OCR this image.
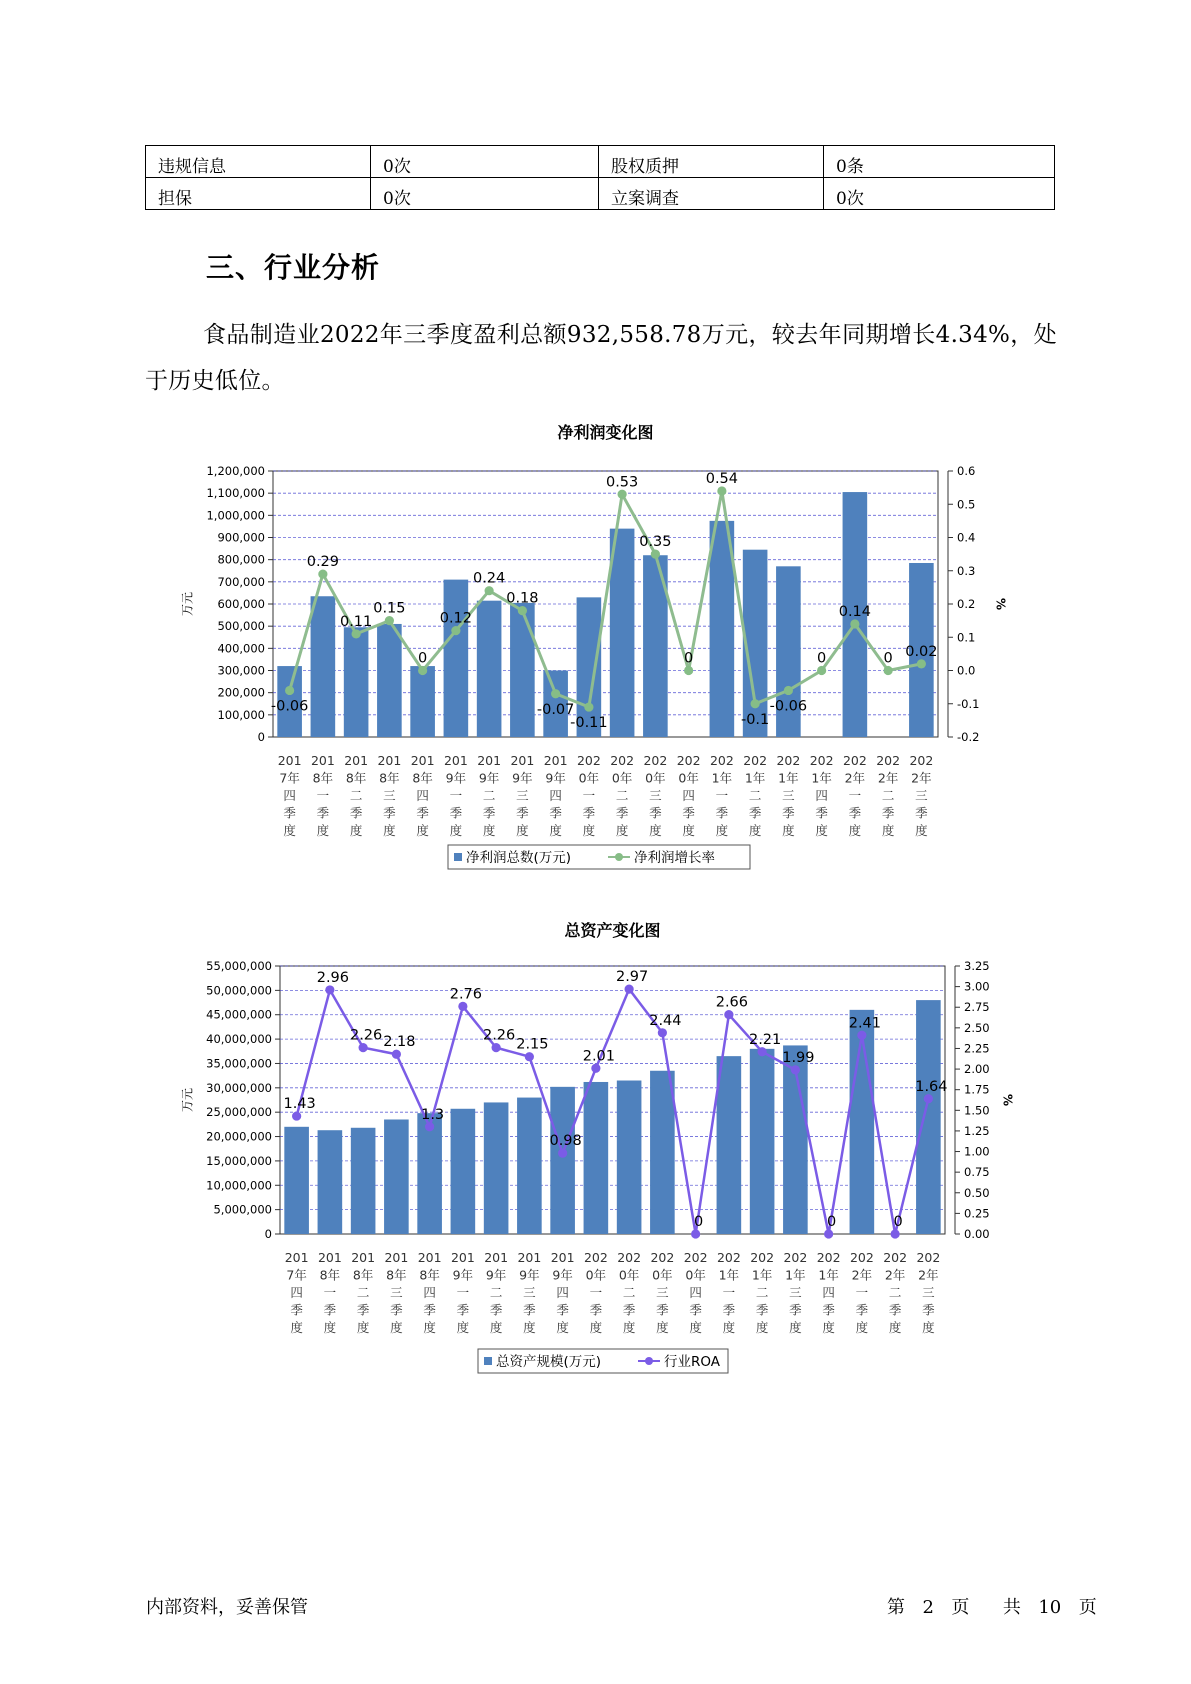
违规信息	0次	股权质押	0条
担保	0次	立案调查	0次
三、行业分析

食品制造业2022年三季度盈利总额932,558.78万元，较去年同期增长4.34%，处于历史低位。

净利润变化图
0
100,000
200,000
300,000
400,000
500,000
600,000
700,000
800,000
900,000
1,000,000
1,100,000
1,200,000
-0.2
-0.1
0.0
0.1
0.2
0.3
0.4
0.5
0.6
万元	%
201
7年
四
季
度
201
8年
一
季
度
201
8年
二
季
度
201
8年
三
季
度
201
8年
四
季
度
201
9年
一
季
度
201
9年
二
季
度
201
9年
三
季
度
201
9年
四
季
度
202
0年
一
季
度
202
0年
二
季
度
202
0年
三
季
度
202
0年
四
季
度
202
1年
一
季
度
202
1年
二
季
度
202
1年
三
季
度
202
1年
四
季
度
202
2年
一
季
度
202
2年
二
季
度
202
2年
三
季
度
-0.06
0.29
0.11
0.15
0
0.12
0.24
0.18
-0.07
-0.11
0.53
0.35
0
0.54
-0.1
-0.06
0
0.14
0 0.02
净利润总数(万元)	净利润增长率
总资产变化图
0
5,000,000
10,000,000
15,000,000
20,000,000
25,000,000
30,000,000
35,000,000
40,000,000
45,000,000
50,000,000
55,000,000
0.00
0.25
0.50
0.75
1.00
1.25
1.50
1.75
2.00
2.25
2.50
2.75
3.00
3.25
万元	%
201
7年
四
季
度
201
8年
一
季
度
201
8年
二
季
度
201
8年
三
季
度
201
8年
四
季
度
201
9年
一
季
度
201
9年
二
季
度
201
9年
三
季
度
201
9年
四
季
度
202
0年
一
季
度
202
0年
二
季
度
202
0年
三
季
度
202
0年
四
季
度
202
1年
一
季
度
202
1年
二
季
度
202
1年
三
季
度
202
1年
四
季
度
202
2年
一
季
度
202
2年
二
季
度
202
2年
三
季
度
1.43
2.96
2.26 2.18
1.3
2.76
2.26
2.15
0.98
2.01
2.97
2.44
0
2.66
2.21
1.99
0
2.41
0
1.64
总资产规模(万元)	行业ROA
内部资料，妥善保管	第 2 页 共 10 页
